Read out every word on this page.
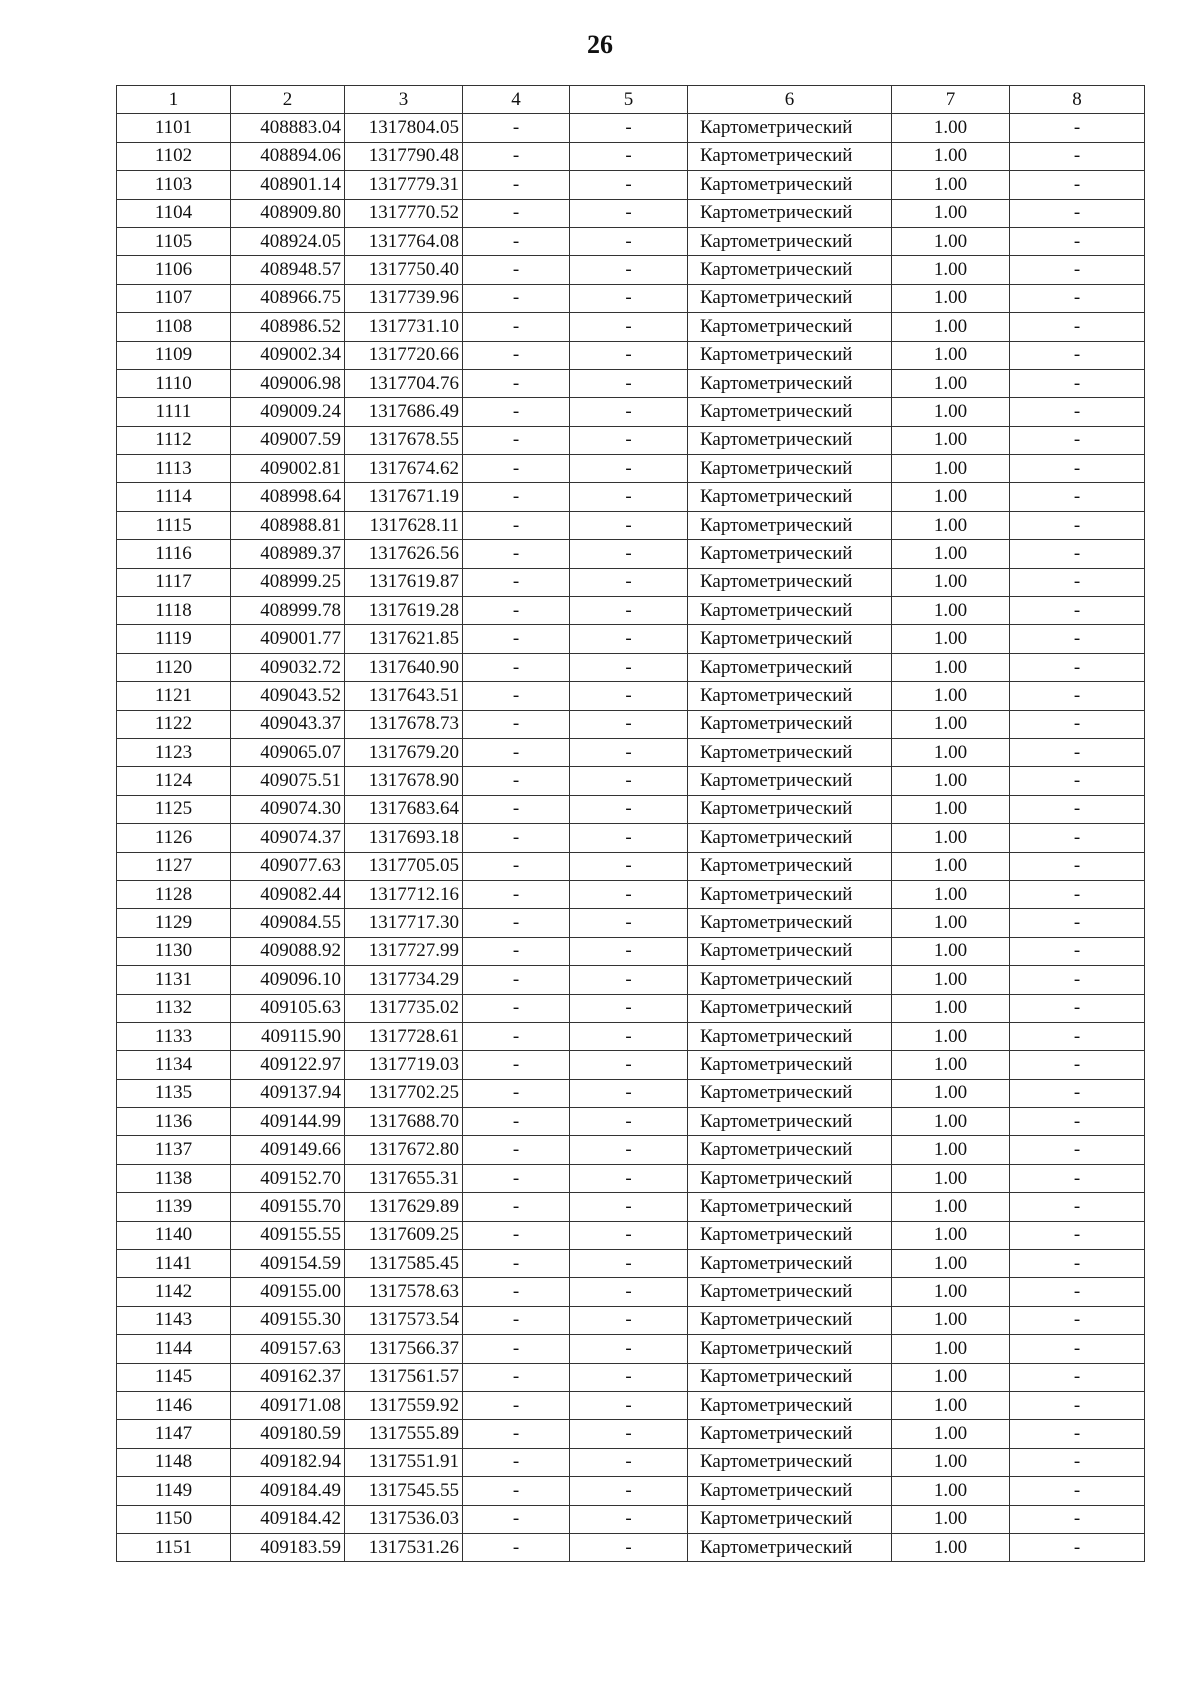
26
1	2	3	4	5	6	7	8
1101	408883.04	1317804.05	-	-	Картометрический	1.00	-
1102	408894.06	1317790.48	-	-	Картометрический	1.00	-
1103	408901.14	1317779.31	-	-	Картометрический	1.00	-
1104	408909.80	1317770.52	-	-	Картометрический	1.00	-
1105	408924.05	1317764.08	-	-	Картометрический	1.00	-
1106	408948.57	1317750.40	-	-	Картометрический	1.00	-
1107	408966.75	1317739.96	-	-	Картометрический	1.00	-
1108	408986.52	1317731.10	-	-	Картометрический	1.00	-
1109	409002.34	1317720.66	-	-	Картометрический	1.00	-
1110	409006.98	1317704.76	-	-	Картометрический	1.00	-
1111	409009.24	1317686.49	-	-	Картометрический	1.00	-
1112	409007.59	1317678.55	-	-	Картометрический	1.00	-
1113	409002.81	1317674.62	-	-	Картометрический	1.00	-
1114	408998.64	1317671.19	-	-	Картометрический	1.00	-
1115	408988.81	1317628.11	-	-	Картометрический	1.00	-
1116	408989.37	1317626.56	-	-	Картометрический	1.00	-
1117	408999.25	1317619.87	-	-	Картометрический	1.00	-
1118	408999.78	1317619.28	-	-	Картометрический	1.00	-
1119	409001.77	1317621.85	-	-	Картометрический	1.00	-
1120	409032.72	1317640.90	-	-	Картометрический	1.00	-
1121	409043.52	1317643.51	-	-	Картометрический	1.00	-
1122	409043.37	1317678.73	-	-	Картометрический	1.00	-
1123	409065.07	1317679.20	-	-	Картометрический	1.00	-
1124	409075.51	1317678.90	-	-	Картометрический	1.00	-
1125	409074.30	1317683.64	-	-	Картометрический	1.00	-
1126	409074.37	1317693.18	-	-	Картометрический	1.00	-
1127	409077.63	1317705.05	-	-	Картометрический	1.00	-
1128	409082.44	1317712.16	-	-	Картометрический	1.00	-
1129	409084.55	1317717.30	-	-	Картометрический	1.00	-
1130	409088.92	1317727.99	-	-	Картометрический	1.00	-
1131	409096.10	1317734.29	-	-	Картометрический	1.00	-
1132	409105.63	1317735.02	-	-	Картометрический	1.00	-
1133	409115.90	1317728.61	-	-	Картометрический	1.00	-
1134	409122.97	1317719.03	-	-	Картометрический	1.00	-
1135	409137.94	1317702.25	-	-	Картометрический	1.00	-
1136	409144.99	1317688.70	-	-	Картометрический	1.00	-
1137	409149.66	1317672.80	-	-	Картометрический	1.00	-
1138	409152.70	1317655.31	-	-	Картометрический	1.00	-
1139	409155.70	1317629.89	-	-	Картометрический	1.00	-
1140	409155.55	1317609.25	-	-	Картометрический	1.00	-
1141	409154.59	1317585.45	-	-	Картометрический	1.00	-
1142	409155.00	1317578.63	-	-	Картометрический	1.00	-
1143	409155.30	1317573.54	-	-	Картометрический	1.00	-
1144	409157.63	1317566.37	-	-	Картометрический	1.00	-
1145	409162.37	1317561.57	-	-	Картометрический	1.00	-
1146	409171.08	1317559.92	-	-	Картометрический	1.00	-
1147	409180.59	1317555.89	-	-	Картометрический	1.00	-
1148	409182.94	1317551.91	-	-	Картометрический	1.00	-
1149	409184.49	1317545.55	-	-	Картометрический	1.00	-
1150	409184.42	1317536.03	-	-	Картометрический	1.00	-
1151	409183.59	1317531.26	-	-	Картометрический	1.00	-
